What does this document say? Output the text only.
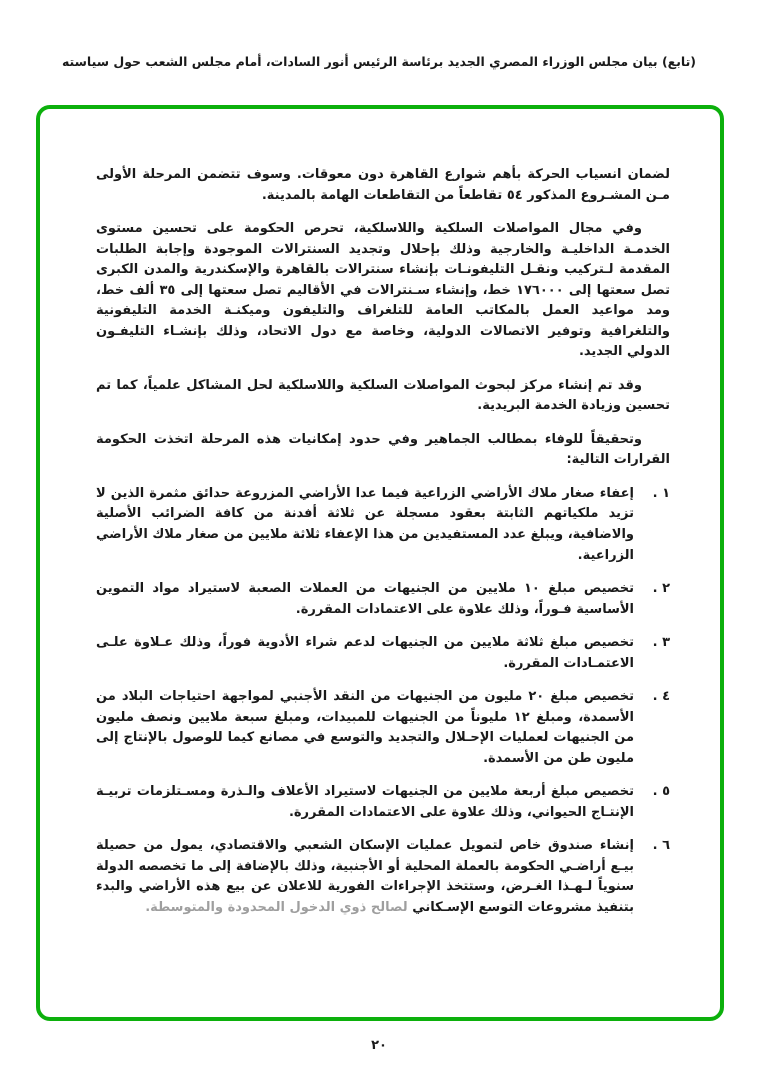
(تابع) بيان مجلس الوزراء المصري الجديد برئاسة الرئيس أنور السادات، أمام مجلس الشعب حول سياسته

لضمان انسياب الحركة بأهم شوارع القاهرة دون معوقات. وسوف تتضمن المرحلة الأولى مـن المشـروع المذكور ٥٤ تقاطعاً من التقاطعات الهامة بالمدينة.

وفي مجال المواصلات السلكية واللاسلكية، تحرص الحكومة على تحسين مستوى الخدمـة الداخليـة والخارجية وذلك بإحلال وتجديد السنترالات الموجودة وإجابة الطلبات المقدمة لـتركيب ونقـل التليفونـات بإنشاء سنترالات بالقاهرة والإسكندرية والمدن الكبرى تصل سعتها إلى ١٧٦٠٠٠ خط، وإنشاء سـنترالات في الأقاليم تصل سعتها إلى ٣٥ ألف خط، ومد مواعيد العمل بالمكاتب العامة للتلغراف والتليفون وميكنـة الخدمة التليفونية والتلغرافية وتوفير الاتصالات الدولية، وخاصة مع دول الاتحاد، وذلك بإنشـاء التليفـون الدولي الجديد.

وقد تم إنشاء مركز لبحوث المواصلات السلكية واللاسلكية لحل المشاكل علمياً، كما تم تحسين وزيادة الخدمة البريدية.

وتحقيقاً للوفاء بمطالب الجماهير وفي حدود إمكانيات هذه المرحلة اتخذت الحكومة القرارات التالية:

١ .
إعفاء صغار ملاك الأراضي الزراعية فيما عدا الأراضي المزروعة حدائق مثمرة الذين لا تزيد ملكياتهم الثابتة بعقود مسجلة عن ثلاثة أفدنة من كافة الضرائب الأصلية والاضافية، ويبلغ عدد المستفيدين من هذا الإعفاء ثلاثة ملايين من صغار ملاك الأراضي الزراعية.
٢ .
تخصيص مبلغ ١٠ ملايين من الجنيهات من العملات الصعبة لاستيراد مواد التموين الأساسية فـوراً، وذلك علاوة على الاعتمادات المقررة.
٣ .
تخصيص مبلغ ثلاثة ملايين من الجنيهات لدعم شراء الأدوية فوراً، وذلك عـلاوة علـى الاعتمـادات المقررة.
٤ .
تخصيص مبلغ ٢٠ مليون من الجنيهات من النقد الأجنبي لمواجهة احتياجات البلاد من الأسمدة، ومبلغ ١٢ مليوناً من الجنيهات للمبيدات، ومبلغ سبعة ملايين ونصف مليون من الجنيهات لعمليات الإحـلال والتجديد والتوسع في مصانع كيما للوصول بالإنتاج إلى مليون طن من الأسمدة.
٥ .
تخصيص مبلغ أربعة ملايين من الجنيهات لاستيراد الأعلاف والـذرة ومسـتلزمات تربيـة الإنتـاج الحيواني، وذلك علاوة على الاعتمادات المقررة.
٦ .
إنشاء صندوق خاص لتمويل عمليات الإسكان الشعبي والاقتصادي، يمول من حصيلة بيـع أراضـي الحكومة بالعملة المحلية أو الأجنبية، وذلك بالإضافة إلى ما تخصصه الدولة سنوياً لـهـذا الغـرض، وستتخذ الإجراءات الفورية للاعلان عن بيع هذه الأراضي والبدء بتنفيذ مشروعات التوسع الإسـكاني لصالح ذوي الدخول المحدودة والمتوسطة.
٢٠
